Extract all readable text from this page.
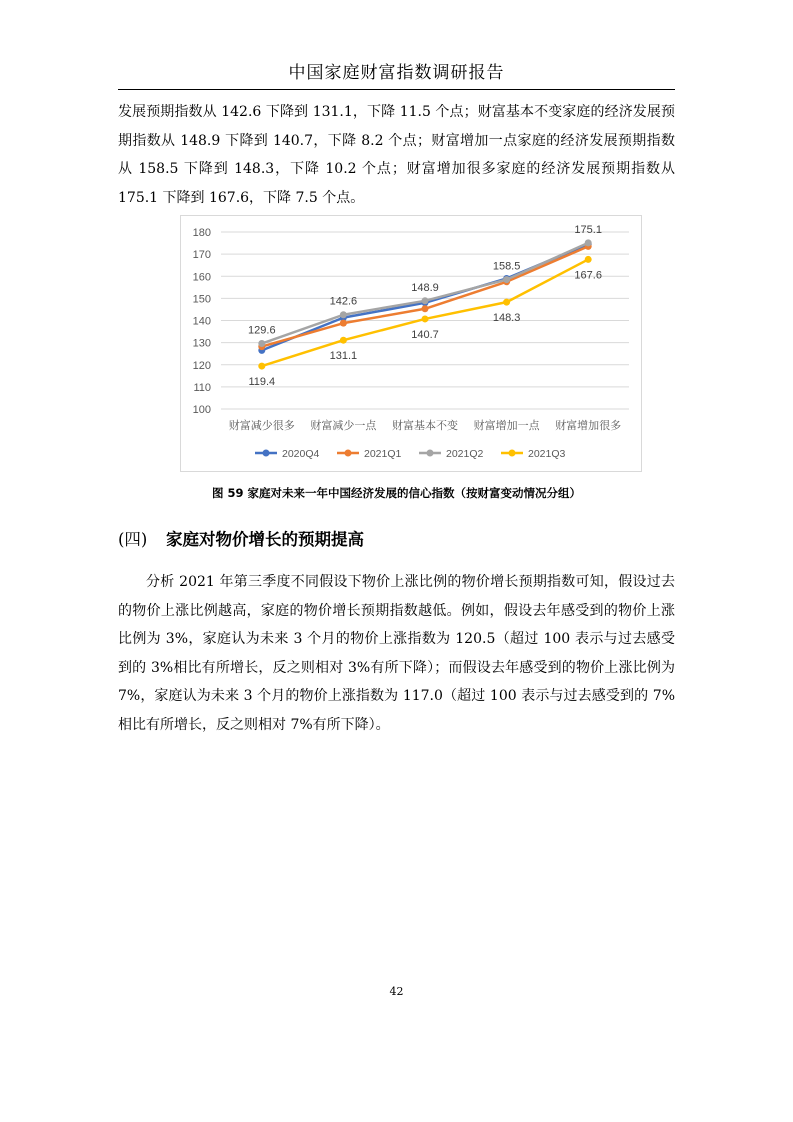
中国家庭财富指数调研报告

发展预期指数从 142.6 下降到 131.1，下降 11.5 个点；财富基本不变家庭的经济发展预期指数从 148.9 下降到 140.7，下降 8.2 个点；财富增加一点家庭的经济发展预期指数从 158.5 下降到 148.3，下降 10.2 个点；财富增加很多家庭的经济发展预期指数从 175.1 下降到 167.6，下降 7.5 个点。

100
110
120
130
140
150
160
170
180
财富减少很多 财富减少一点 财富基本不变 财富增加一点 财富增加很多
129.6
142.6
148.9
158.5
175.1
119.4
131.1
140.7
148.3
167.6
2020Q4	2021Q1	2021Q2	2021Q3
图 59 家庭对未来一年中国经济发展的信心指数（按财富变动情况分组）
(四) 家庭对物价增长的预期提高

分析 2021 年第三季度不同假设下物价上涨比例的物价增长预期指数可知，假设过去的物价上涨比例越高，家庭的物价增长预期指数越低。例如，假设去年感受到的物价上涨比例为 3%，家庭认为未来 3 个月的物价上涨指数为 120.5（超过 100 表示与过去感受到的 3%相比有所增长，反之则相对 3%有所下降）；而假设去年感受到的物价上涨比例为 7%，家庭认为未来 3 个月的物价上涨指数为 117.0（超过 100 表示与过去感受到的 7%相比有所增长，反之则相对 7%有所下降）。

42
